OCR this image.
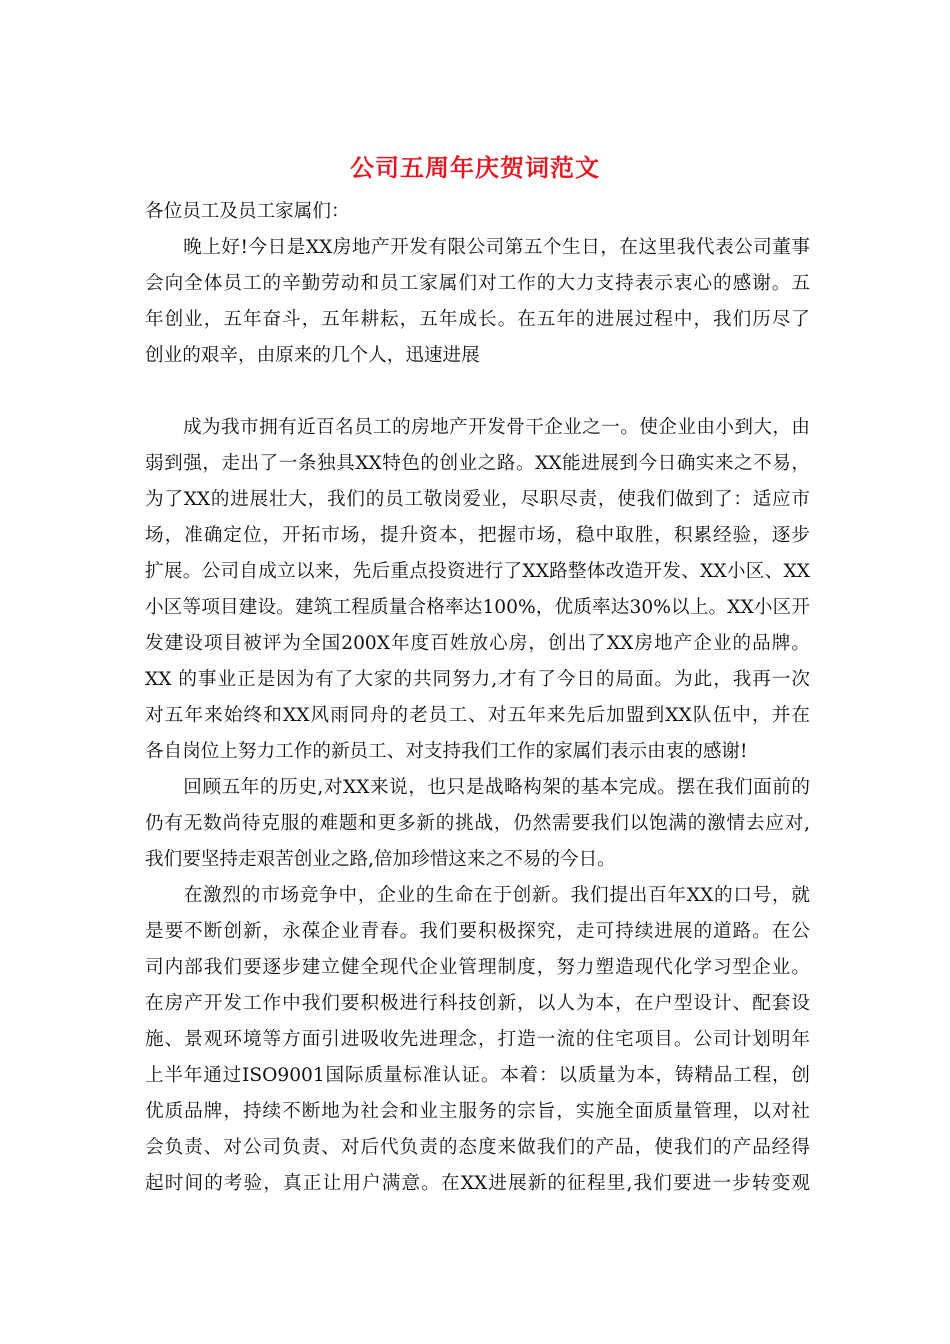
公司五周年庆贺词范文
各位员工及员工家属们：
　　晚上好!今日是XX房地产开发有限公司第五个生日，在这里我代表公司董事
会向全体员工的辛勤劳动和员工家属们对工作的大力支持表示衷心的感谢。五
年创业，五年奋斗，五年耕耘，五年成长。在五年的进展过程中，我们历尽了
创业的艰辛，由原来的几个人，迅速进展
　　成为我市拥有近百名员工的房地产开发骨干企业之一。使企业由小到大，由
弱到强，走出了一条独具XX特色的创业之路。XX能进展到今日确实来之不易，
为了XX的进展壮大，我们的员工敬岗爱业，尽职尽责，使我们做到了：适应市
场，准确定位，开拓市场，提升资本，把握市场，稳中取胜，积累经验，逐步
扩展。公司自成立以来，先后重点投资进行了XX路整体改造开发、XX小区、XX
小区等项目建设。建筑工程质量合格率达100%，优质率达30%以上。XX小区开
发建设项目被评为全国200X年度百姓放心房，创出了XX房地产企业的品牌。
XX 的事业正是因为有了大家的共同努力,才有了今日的局面。为此，我再一次
对五年来始终和XX风雨同舟的老员工、对五年来先后加盟到XX队伍中，并在
各自岗位上努力工作的新员工、对支持我们工作的家属们表示由衷的感谢!
　　回顾五年的历史,对XX来说，也只是战略构架的基本完成。摆在我们面前的
仍有无数尚待克服的难题和更多新的挑战，仍然需要我们以饱满的激情去应对,
我们要坚持走艰苦创业之路,倍加珍惜这来之不易的今日。
　　在激烈的市场竞争中，企业的生命在于创新。我们提出百年XX的口号，就
是要不断创新，永葆企业青春。我们要积极探究，走可持续进展的道路。在公
司内部我们要逐步建立健全现代企业管理制度，努力塑造现代化学习型企业。
在房产开发工作中我们要积极进行科技创新，以人为本，在户型设计、配套设
施、景观环境等方面引进吸收先进理念，打造一流的住宅项目。公司计划明年
上半年通过ISO9001国际质量标准认证。本着：以质量为本，铸精品工程，创
优质品牌，持续不断地为社会和业主服务的宗旨，实施全面质量管理，以对社
会负责、对公司负责、对后代负责的态度来做我们的产品，使我们的产品经得
起时间的考验，真正让用户满意。在XX进展新的征程里,我们要进一步转变观
